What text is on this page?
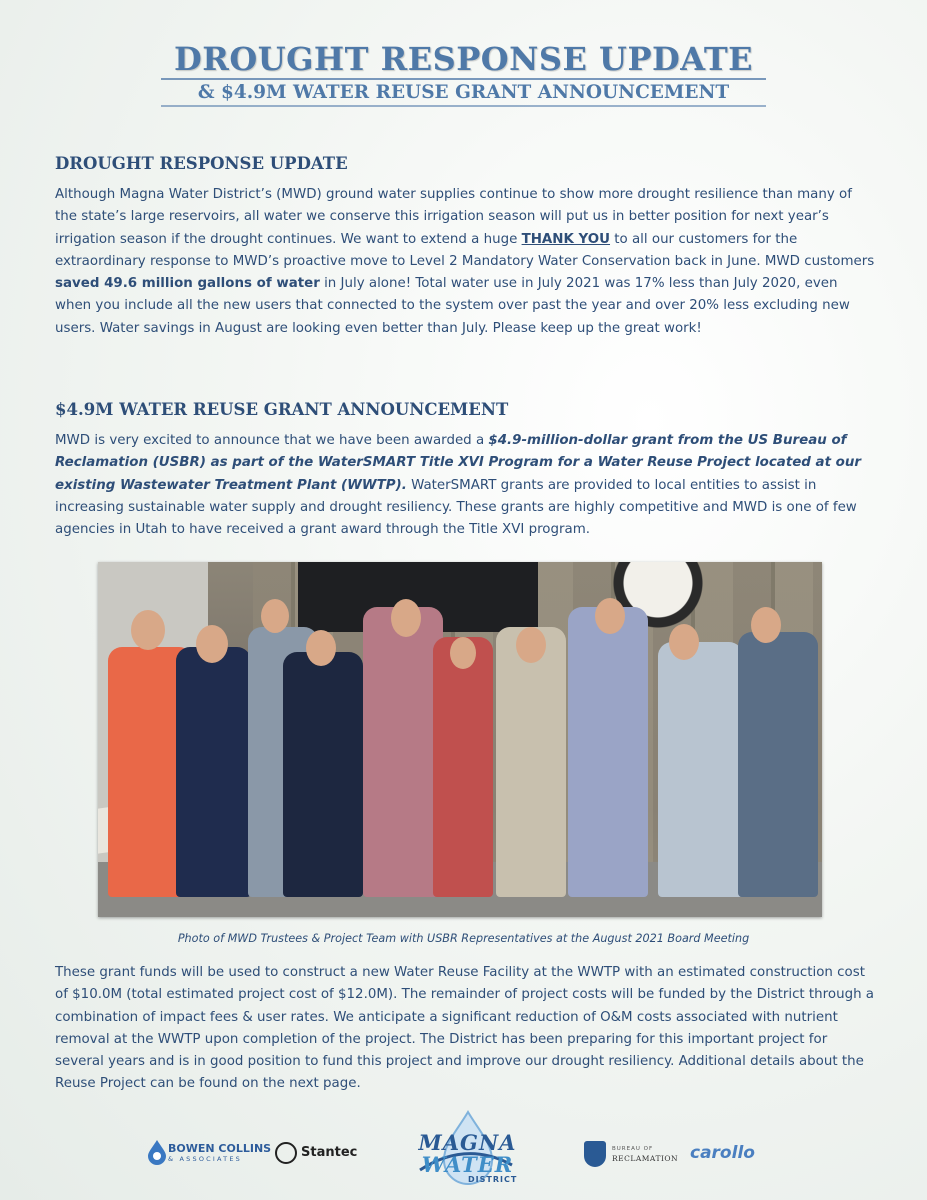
DROUGHT RESPONSE UPDATE
& $4.9M WATER REUSE GRANT ANNOUNCEMENT
DROUGHT RESPONSE UPDATE

Although Magna Water District’s (MWD) ground water supplies continue to show more drought resilience than many of the state’s large reservoirs, all water we conserve this irrigation season will put us in better position for next year’s irrigation season if the drought continues. We want to extend a huge THANK YOU to all our customers for the extraordinary response to MWD’s proactive move to Level 2 Mandatory Water Conservation back in June. MWD customers saved 49.6 million gallons of water in July alone! Total water use in July 2021 was 17% less than July 2020, even when you include all the new users that connected to the system over past the year and over 20% less excluding new users. Water savings in August are looking even better than July. Please keep up the great work!

$4.9M WATER REUSE GRANT ANNOUNCEMENT

MWD is very excited to announce that we have been awarded a $4.9-million-dollar grant from the US Bureau of Reclamation (USBR) as part of the WaterSMART Title XVI Program for a Water Reuse Project located at our existing Wastewater Treatment Plant (WWTP). WaterSMART grants are provided to local entities to assist in increasing sustainable water supply and drought resiliency. These grants are highly competitive and MWD is one of few agencies in Utah to have received a grant award through the Title XVI program.

Photo of MWD Trustees & Project Team with USBR Representatives at the August 2021 Board Meeting

These grant funds will be used to construct a new Water Reuse Facility at the WWTP with an estimated construction cost of $10.0M (total estimated project cost of $12.0M). The remainder of project costs will be funded by the District through a combination of impact fees & user rates. We anticipate a significant reduction of O&M costs associated with nutrient removal at the WWTP upon completion of the project. The District has been preparing for this important project for several years and is in good position to fund this project and improve our drought resiliency. Additional details about the Reuse Project can be found on the next page.

BOWEN COLLINS
& ASSOCIATES	Stantec	MAGNA
WATER
DISTRICT
BUREAU OF
RECLAMATION carollo
